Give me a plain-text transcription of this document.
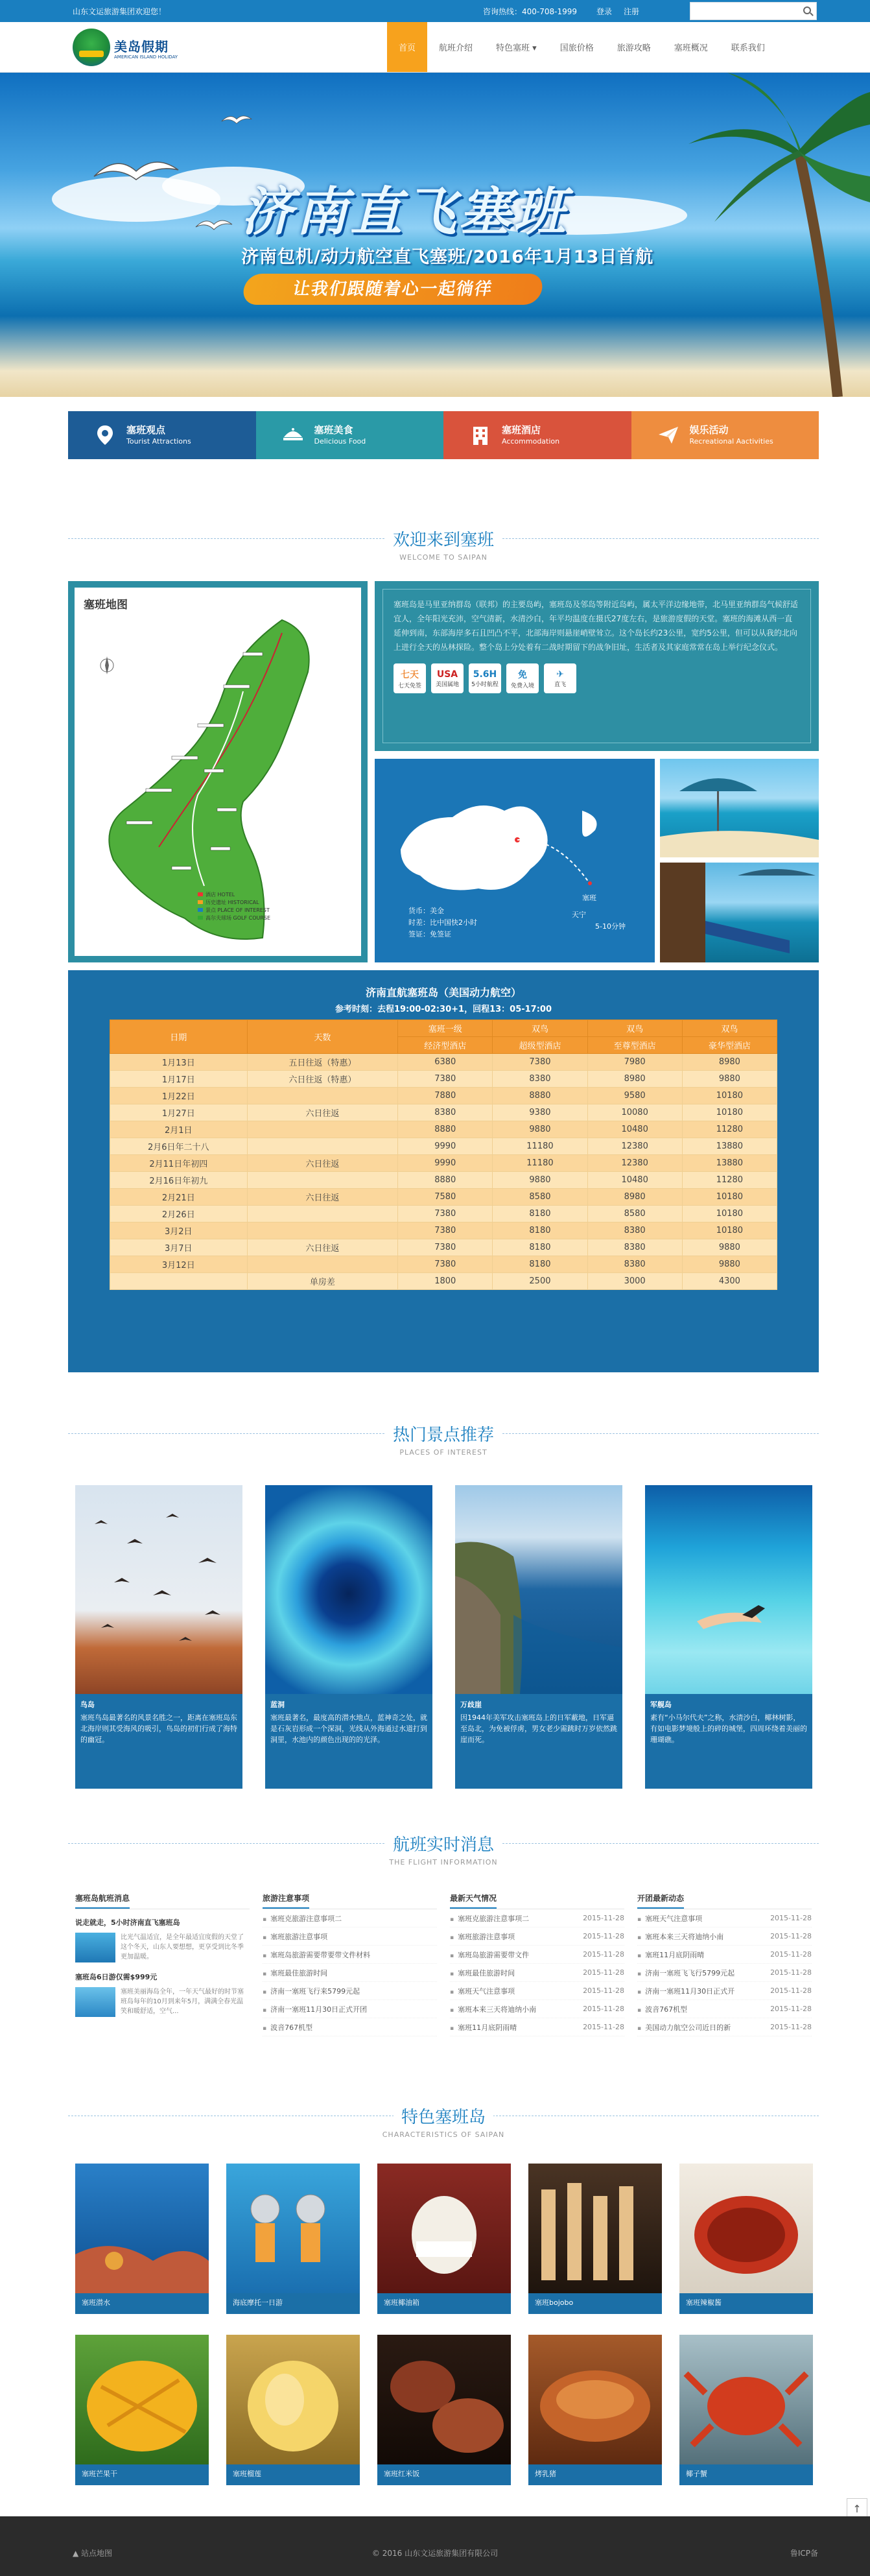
山东文运旅游集团欢迎您！	咨询热线：400-708-1999 登录 注册
美岛假期
AMERICAN ISLAND HOLIDAY
首页	航班介绍	特色塞班 ▾	国旅价格	旅游攻略	塞班概况	联系我们
济南直飞塞班
济南包机/动力航空直飞塞班/2016年1月13日首航
让我们跟随着心一起徜徉
塞班观点
Tourist Attractions
塞班美食
Delicious Food
塞班酒店
Accommodation
娱乐活动
Recreational Aactivities
欢迎来到塞班
WELCOME TO SAIPAN
塞班地图
酒店 HOTEL
历史遗址 HISTORICAL
景点 PLACE OF INTEREST
高尔夫球场 GOLF COURSE

塞班岛是马里亚纳群岛（联邦）的主要岛屿，塞班岛及邻岛等附近岛屿，属太平洋边缘地带，北马里亚纳群岛气候舒适宜人，全年阳光充沛，空气清新，水清沙白，年平均温度在摄氏27度左右，是旅游度假的天堂。塞班的海滩从西一直延伸到南，东部海岸多石且凹凸不平，北部海岸则悬崖峭壁耸立。这个岛长约23公里，宽约5公里，但可以从我的北向上进行全天的丛林探险。整个岛上分处着有二战时期留下的战争旧址，生活者及其家庭常常在岛上举行纪念仪式。

七天
七天免签
USA
美国属地
5.6H
5小时航程
免
免费入境
✈
直飞
塞班
天宁
5-10分钟
货币：美金
时差：比中国快2小时
签证：免签证
济南直航塞班岛（美国动力航空）
参考时刻：去程19:00-02:30+1，回程13：05-17:00
日期	天数	塞班一级	双鸟	双鸟	双鸟
		经济型酒店	超级型酒店	至尊型酒店	豪华型酒店
1月13日	五日往返（特惠）	6380	7380	7980	8980
1月17日	六日往返（特惠）	7380	8380	8980	9880
1月22日		7880	8880	9580	10180
1月27日	六日往返	8380	9380	10080	10180
2月1日		8880	9880	10480	11280
2月6日年二十八		9990	11180	12380	13880
2月11日年初四	六日往返	9990	11180	12380	13880
2月16日年初九		8880	9880	10480	11280
2月21日	六日往返	7580	8580	8980	10180
2月26日		7380	8180	8580	10180
3月2日		7380	8180	8380	10180
3月7日	六日往返	7380	8180	8380	9880
3月12日		7380	8180	8380	9880
	单房差	1800	2500	3000	4300
热门景点推荐
PLACES OF INTEREST
鸟岛
塞班鸟岛最著名的风景名胜之一，距离在塞班岛东北海岸则其受海风的吸引，鸟岛的初们行成了海特的幽冠。
蓝洞
塞班最著名，最度高的潜水地点，蓝神奇之处，就是石灰岩形成一个深洞，光线从外海通过水道打到洞里，水池内的颜色出现的的光泽。
万歧崖
因1944年美军攻击塞班岛上的日军蔽地，日军逼至岛北，为免被俘虏，男女老少需跳时万岁依然跳崖而死。
军舰岛
素有“小马尔代夫”之称，水清沙白，椰林树影，有如电影梦境般上的碎的城堡，四周环绕着美丽的珊瑚礁。
航班实时消息
THE FLIGHT INFORMATION
塞班岛航班消息
说走就走，5小时济南直飞塞班岛
比光气温适宜，是全年最适宜度假的天堂了这个冬天，山东人要想想，更享受到比冬季更加温暖。
塞班岛6日游仅需$999元
塞班美丽海岛全年，一年天气最好的时节塞班岛每年的10月到来年5月，满满全春光温笑和暖舒适，空气...
旅游注意事项
▪ 塞班克旅游注意事项二
▪ 塞班旅游注意事项
▪ 塞班岛旅游需要带要带文件材料
▪ 塞班最佳旅游时间
▪ 济南一塞班飞行来5799元起
▪ 济南一塞班11月30日正式开团
▪ 波音767机型
最新天气情况
▪ 塞班克旅游注意事项二	2015-11-28
▪ 塞班旅游注意事项	2015-11-28
▪ 塞班岛旅游需要带文件	2015-11-28
▪ 塞班最佳旅游时间	2015-11-28
▪ 塞班天气注意事项	2015-11-28
▪ 塞班本来三天将迪纳小南	2015-11-28
▪ 塞班11月底阴雨晴	2015-11-28
开团最新动态
▪ 塞班天气注意事项	2015-11-28
▪ 塞班本来三天将迪纳小南	2015-11-28
▪ 塞班11月底阴雨晴	2015-11-28
▪ 济南一塞班飞飞行5799元起	2015-11-28
▪ 济南一塞班11月30日正式开	2015-11-28
▪ 波音767机型	2015-11-28
▪ 美国动力航空公司近日的新	2015-11-28
特色塞班岛
CHARACTERISTICS OF SAIPAN
塞班潜水	海底摩托一日游	塞班椰油箱	塞班bojobo	塞班辣椒酱
塞班芒果干	塞班榴莲	塞班红米饭	烤乳猪	椰子蟹
↑
▲ 站点地图	© 2016 山东文运旅游集团有限公司	鲁ICP备
